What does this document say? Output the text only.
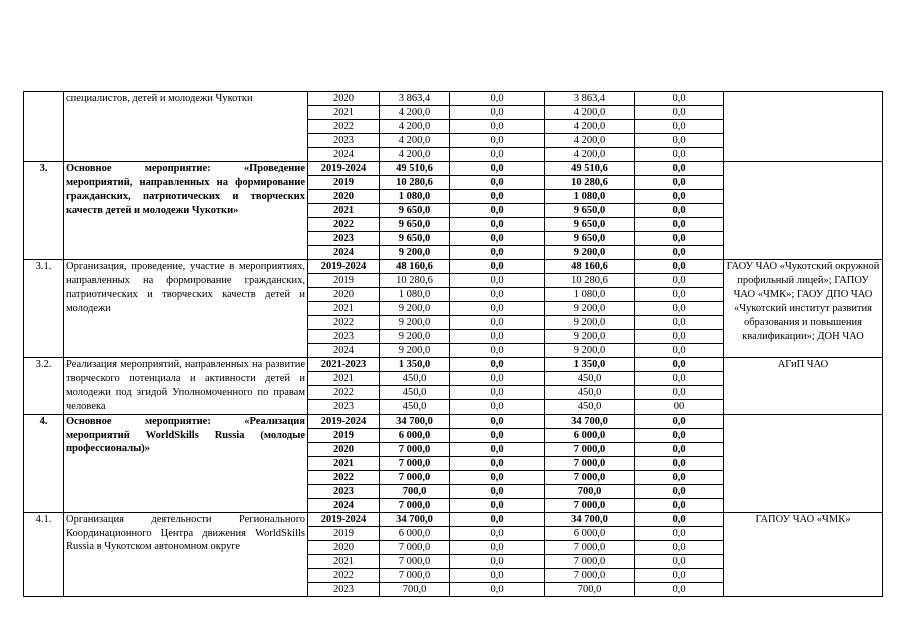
	специалистов, детей и молодежи Чукотки	2020	3 863,4	0,0	3 863,4	0,0	
		2021	4 200,0	0,0	4 200,0	0,0	
		2022	4 200,0	0,0	4 200,0	0,0	
		2023	4 200,0	0,0	4 200,0	0,0	
		2024	4 200,0	0,0	4 200,0	0,0	
3.	Основное мероприятие: «Проведение мероприятий, направленных на формирование гражданских, патриотических и творческих качеств детей и молодежи Чукотки»	2019-2024	49 510,6	0,0	49 510,6	0,0	
		2019	10 280,6	0,0	10 280,6	0,0	
		2020	1 080,0	0,0	1 080,0	0,0	
		2021	9 650,0	0,0	9 650,0	0,0	
		2022	9 650,0	0,0	9 650,0	0,0	
		2023	9 650,0	0,0	9 650,0	0,0	
		2024	9 200,0	0,0	9 200,0	0,0	
3.1.	Организация, проведение, участие в мероприятиях, направленных на формирование гражданских, патриотических и творческих качеств детей и молодежи	2019-2024	48 160,6	0,0	48 160,6	0,0	ГАОУ ЧАО «Чукотский окружной профильный лицей»; ГАПОУ ЧАО «ЧМК»; ГАОУ ДПО ЧАО «Чукотский институт развития образования и повышения квалификации»; ДОН ЧАО
		2019	10 280,6	0,0	10 280,6	0,0	
		2020	1 080,0	0,0	1 080,0	0,0	
		2021	9 200,0	0,0	9 200,0	0,0	
		2022	9 200,0	0,0	9 200,0	0,0	
		2023	9 200,0	0,0	9 200,0	0,0	
		2024	9 200,0	0,0	9 200,0	0,0	
3.2.	Реализация мероприятий, направленных на развитие творческого потенциала и активности детей и молодежи под эгидой Уполномоченного по правам человека	2021-2023	1 350,0	0,0	1 350,0	0,0	АГиП ЧАО
		2021	450,0	0,0	450,0	0,0	
		2022	450,0	0,0	450,0	0,0	
		2023	450,0	0,0	450,0	00	
4.	Основное мероприятие: «Реализация мероприятий WorldSkills Russia (молодые профессионалы)»	2019-2024	34 700,0	0,0	34 700,0	0,0	
		2019	6 000,0	0,0	6 000,0	0,0	
		2020	7 000,0	0,0	7 000,0	0,0	
		2021	7 000,0	0,0	7 000,0	0,0	
		2022	7 000,0	0,0	7 000,0	0,0	
		2023	700,0	0,0	700,0	0,0	
		2024	7 000,0	0,0	7 000,0	0,0	
4.1.	Организация деятельности Регионального Координационного Центра движения WorldSkills Russia в Чукотском автономном округе	2019-2024	34 700,0	0,0	34 700,0	0,0	ГАПОУ ЧАО «ЧМК»
		2019	6 000,0	0,0	6 000,0	0,0	
		2020	7 000,0	0,0	7 000,0	0,0	
		2021	7 000,0	0,0	7 000,0	0,0	
		2022	7 000,0	0,0	7 000,0	0,0	
		2023	700,0	0,0	700,0	0,0	
